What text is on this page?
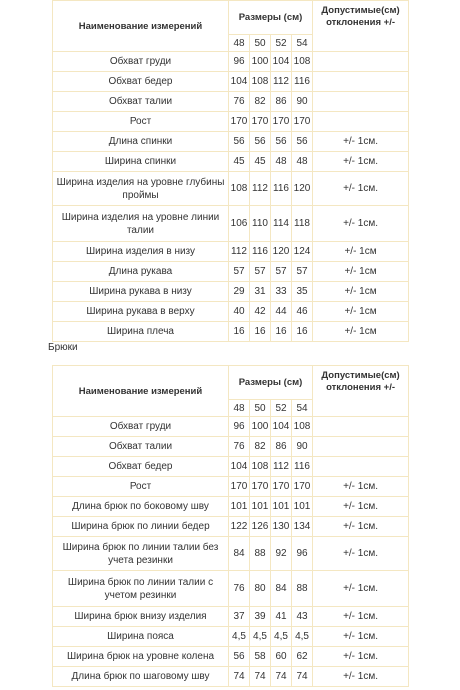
Наименование измерений	Размеры (см)				Допустимые(см) отклонения +/-
	48	50	52	54	
Обхват груди	96	100	104	108	
Обхват бедер	104	108	112	116	
Обхват талии	76	82	86	90	
Рост	170	170	170	170	
Длина спинки	56	56	56	56	+/- 1см.
Ширина спинки	45	45	48	48	+/- 1см.
Ширина изделия на уровне глубины проймы	108	112	116	120	+/- 1см.
Ширина изделия на уровне линии талии	106	110	114	118	+/- 1см.
Ширина изделия в низу	112	116	120	124	+/- 1см
Длина рукава	57	57	57	57	+/- 1см
Ширина рукава в низу	29	31	33	35	+/- 1см
Ширина рукава в верху	40	42	44	46	+/- 1см
Ширина плеча	16	16	16	16	+/- 1см
Брюки
Наименование измерений	Размеры (см)				Допустимые(см) отклонения +/-
	48	50	52	54	
Обхват груди	96	100	104	108	
Обхват талии	76	82	86	90	
Обхват бедер	104	108	112	116	
Рост	170	170	170	170	+/- 1см.
Длина брюк по боковому шву	101	101	101	101	+/- 1см.
Ширина брюк по линии бедер	122	126	130	134	+/- 1см.
Ширина брюк по линии талии без учета резинки	84	88	92	96	+/- 1см.
Ширина брюк по линии талии с учетом резинки	76	80	84	88	+/- 1см.
Ширина брюк внизу изделия	37	39	41	43	+/- 1см.
Ширина пояса	4,5	4,5	4,5	4,5	+/- 1см.
Ширина брюк на уровне колена	56	58	60	62	+/- 1см.
Длина брюк по шаговому шву	74	74	74	74	+/- 1см.
